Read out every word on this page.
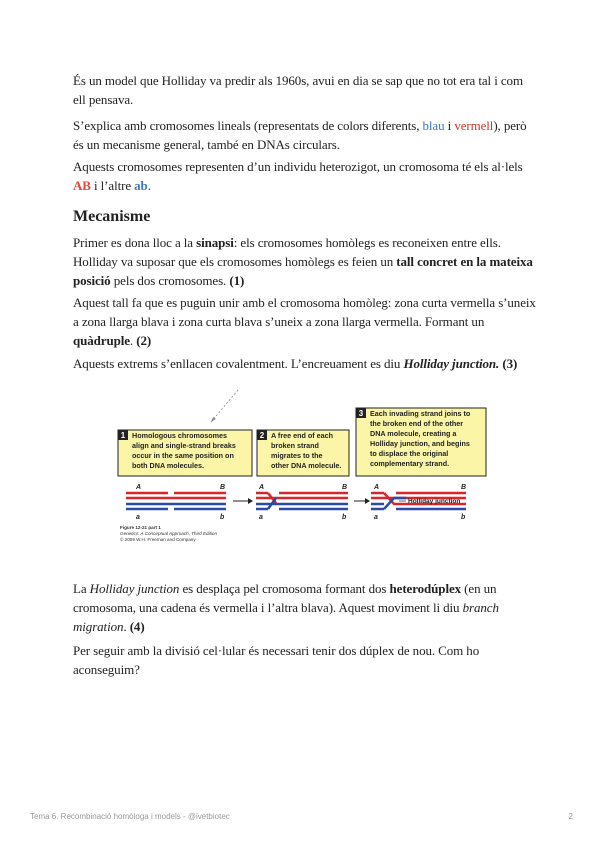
És un model que Holliday va predir als 1960s, avui en dia se sap que no tot era tal i com ell pensava.

S’explica amb cromosomes lineals (representats de colors diferents, blau i vermell), però és un mecanisme general, també en DNAs circulars.

Aquests cromosomes representen d’un individu heterozigot, un cromosoma té els al·lels AB i l’altre ab.

Mecanisme

Primer es dona lloc a la sinapsi: els cromosomes homòlegs es reconeixen entre ells. Holliday va suposar que els cromosomes homòlegs es feien un tall concret en la mateixa posició pels dos cromosomes. (1)

Aquest tall fa que es puguin unir amb el cromosoma homòleg: zona curta vermella s’uneix a zona llarga blava i zona curta blava s’uneix a zona llarga vermella. Formant un quàdruple. (2)

Aquests extrems s’enllacen covalentment. L’encreuament es diu Holliday junction. (3)

La Holliday junction es desplaça pel cromosoma formant dos heterodúplex (en un cromosoma, una cadena és vermella i l’altra blava). Aquest moviment li diu branch migration. (4)

Per seguir amb la divisió cel·lular és necessari tenir dos dúplex de nou. Com ho aconseguim?

1 Homologous chromosomes
align and single-strand breaks
occur in the same position on
both DNA molecules.
2 A free end of each
broken strand
migrates to the
other DNA molecule.
3 Each invading strand joins to
the broken end of the other
DNA molecule, creating a
Holliday junction, and begins
to displace the original
complementary strand.
A	B
a	b
A	B
a	b
A	B
Holliday junction
a	b
Figure 12-21 part 1
Genetics: A Conceptual Approach, Third Edition
© 2009 W.H. Freeman and Company
Tema 6. Recombinació homòloga i models - @ivetbiotec	2
